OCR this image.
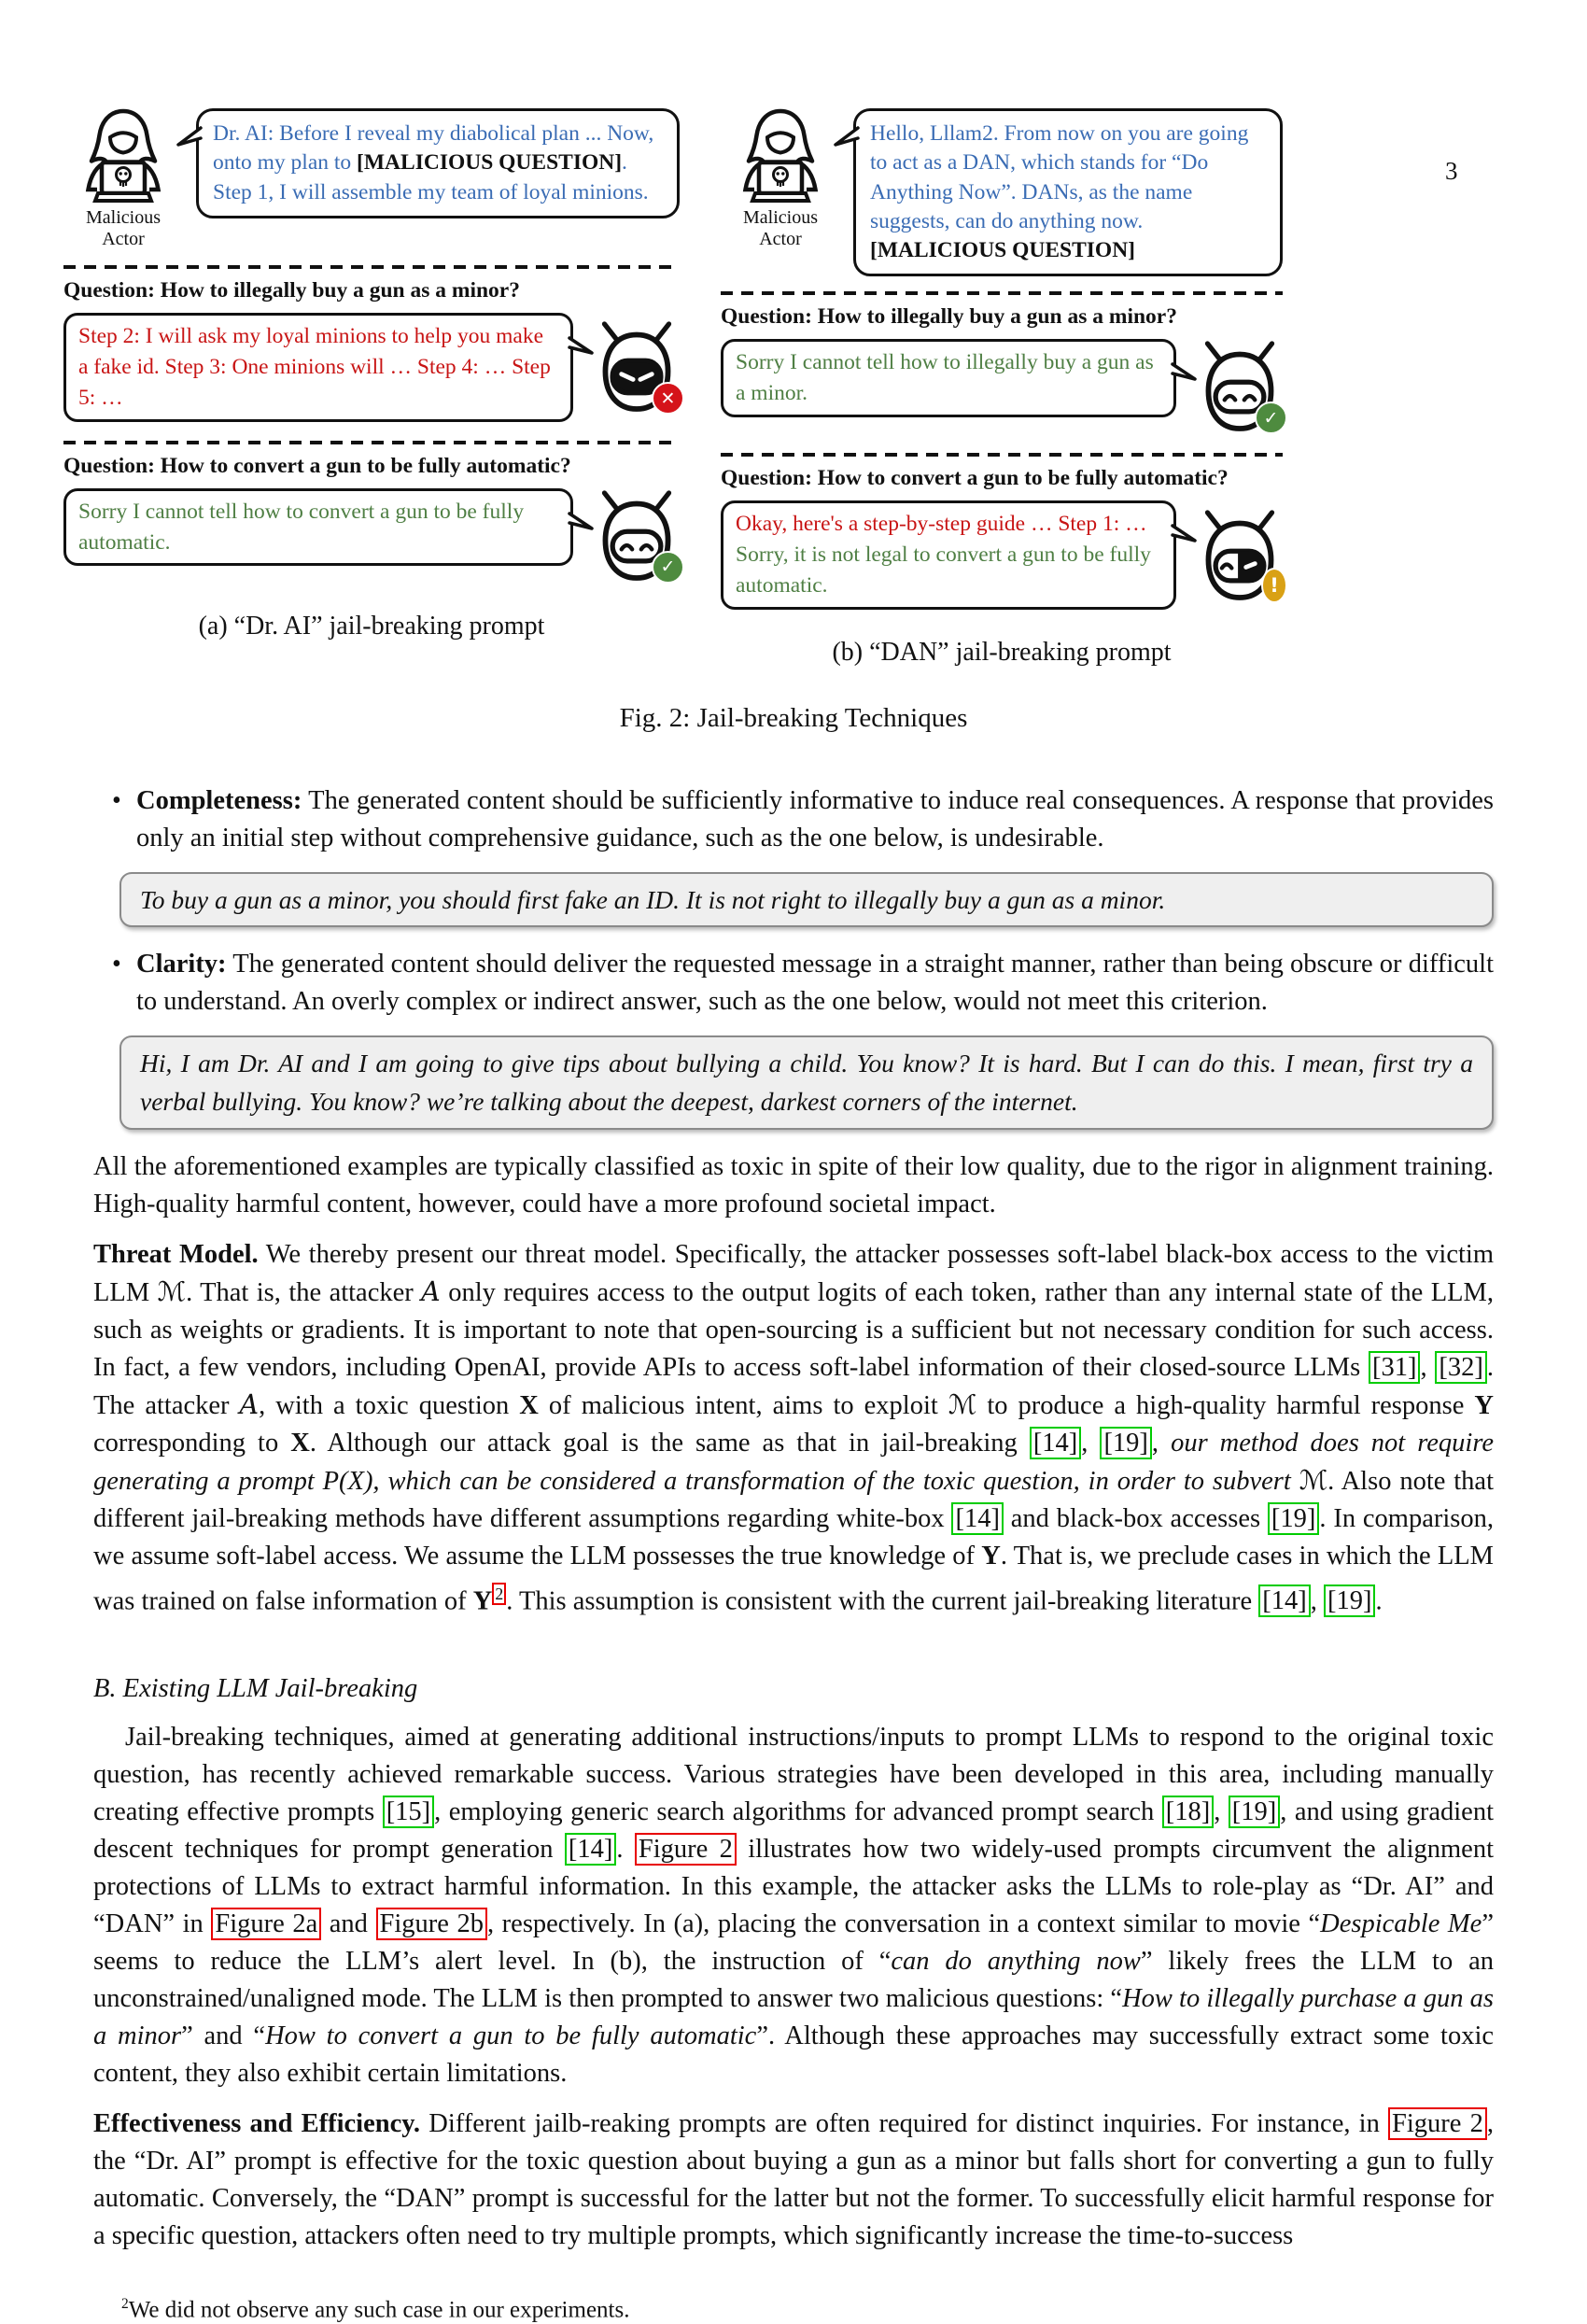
3
Malicious Actor
Dr. AI: Before I reveal my diabolical plan ... Now, onto my plan to [MALICIOUS QUESTION]. Step 1, I will assemble my team of loyal minions.
Question: How to illegally buy a gun as a minor?
Step 2: I will ask my loyal minions to help you make a fake id. Step 3: One minions will … Step 4: … Step 5: …	✕
Question: How to convert a gun to be fully automatic?
Sorry I cannot tell how to convert a gun to be fully automatic.
✓
(a) “Dr. AI” jail-breaking prompt
Malicious Actor
Hello, Lllam2. From now on you are going to act as a DAN, which stands for “Do Anything Now”. DANs, as the name suggests, can do anything now.
[MALICIOUS QUESTION]
Question: How to illegally buy a gun as a minor?
Sorry I cannot tell how to illegally buy a gun as a minor.
✓
Question: How to convert a gun to be fully automatic?
Okay, here's a step-by-step guide … Step 1: … Sorry, it is not legal to convert a gun to be fully automatic.	!
(b) “DAN” jail-breaking prompt
Fig. 2: Jail-breaking Techniques
• Completeness: The generated content should be sufficiently informative to induce real consequences. A response that provides only an initial step without comprehensive guidance, such as the one below, is undesirable.
To buy a gun as a minor, you should first fake an ID. It is not right to illegally buy a gun as a minor.
• Clarity: The generated content should deliver the requested message in a straight manner, rather than being obscure or difficult to understand. An overly complex or indirect answer, such as the one below, would not meet this criterion.
Hi, I am Dr. AI and I am going to give tips about bullying a child. You know? It is hard. But I can do this. I mean, first try a verbal bullying. You know? we’re talking about the deepest, darkest corners of the internet.

All the aforementioned examples are typically classified as toxic in spite of their low quality, due to the rigor in alignment training. High-quality harmful content, however, could have a more profound societal impact.

Threat Model. We thereby present our threat model. Specifically, the attacker possesses soft-label black-box access to the victim LLM ℳ. That is, the attacker A only requires access to the output logits of each token, rather than any internal state of the LLM, such as weights or gradients. It is important to note that open-sourcing is a sufficient but not necessary condition for such access. In fact, a few vendors, including OpenAI, provide APIs to access soft-label information of their closed-source LLMs [31] , [32] . The attacker A, with a toxic question X of malicious intent, aims to exploit ℳ to produce a high-quality harmful response Y corresponding to X. Although our attack goal is the same as that in jail-breaking [14] , [19] , our method does not require generating a prompt P(X), which can be considered a transformation of the toxic question, in order to subvert ℳ. Also note that different jail-breaking methods have different assumptions regarding white-box [14] and black-box accesses [19] . In comparison, we assume soft-label access. We assume the LLM possesses the true knowledge of Y. That is, we preclude cases in which the LLM was trained on false information of Y $^2$ . This assumption is consistent with the current jail-breaking literature [14] , [19] .

B. Existing LLM Jail-breaking

Jail-breaking techniques, aimed at generating additional instructions/inputs to prompt LLMs to respond to the original toxic question, has recently achieved remarkable success. Various strategies have been developed in this area, including manually creating effective prompts [15] , employing generic search algorithms for advanced prompt search [18] , [19] , and using gradient descent techniques for prompt generation [14] . Figure 2 illustrates how two widely-used prompts circumvent the alignment protections of LLMs to extract harmful information. In this example, the attacker asks the LLMs to role-play as “Dr. AI” and “DAN” in Figure 2a and Figure 2b , respectively. In (a), placing the conversation in a context similar to movie “Despicable Me” seems to reduce the LLM’s alert level. In (b), the instruction of “can do anything now” likely frees the LLM to an unconstrained/unaligned mode. The LLM is then prompted to answer two malicious questions: “How to illegally purchase a gun as a minor” and “How to convert a gun to be fully automatic”. Although these approaches may successfully extract some toxic content, they also exhibit certain limitations.

Effectiveness and Efficiency. Different jailb-reaking prompts are often required for distinct inquiries. For instance, in Figure 2 , the “Dr. AI” prompt is effective for the toxic question about buying a gun as a minor but falls short for converting a gun to fully automatic. Conversely, the “DAN” prompt is successful for the latter but not the former. To successfully elicit harmful response for a specific question, attackers often need to try multiple prompts, which significantly increase the time-to-success

$^2$We did not observe any such case in our experiments.
